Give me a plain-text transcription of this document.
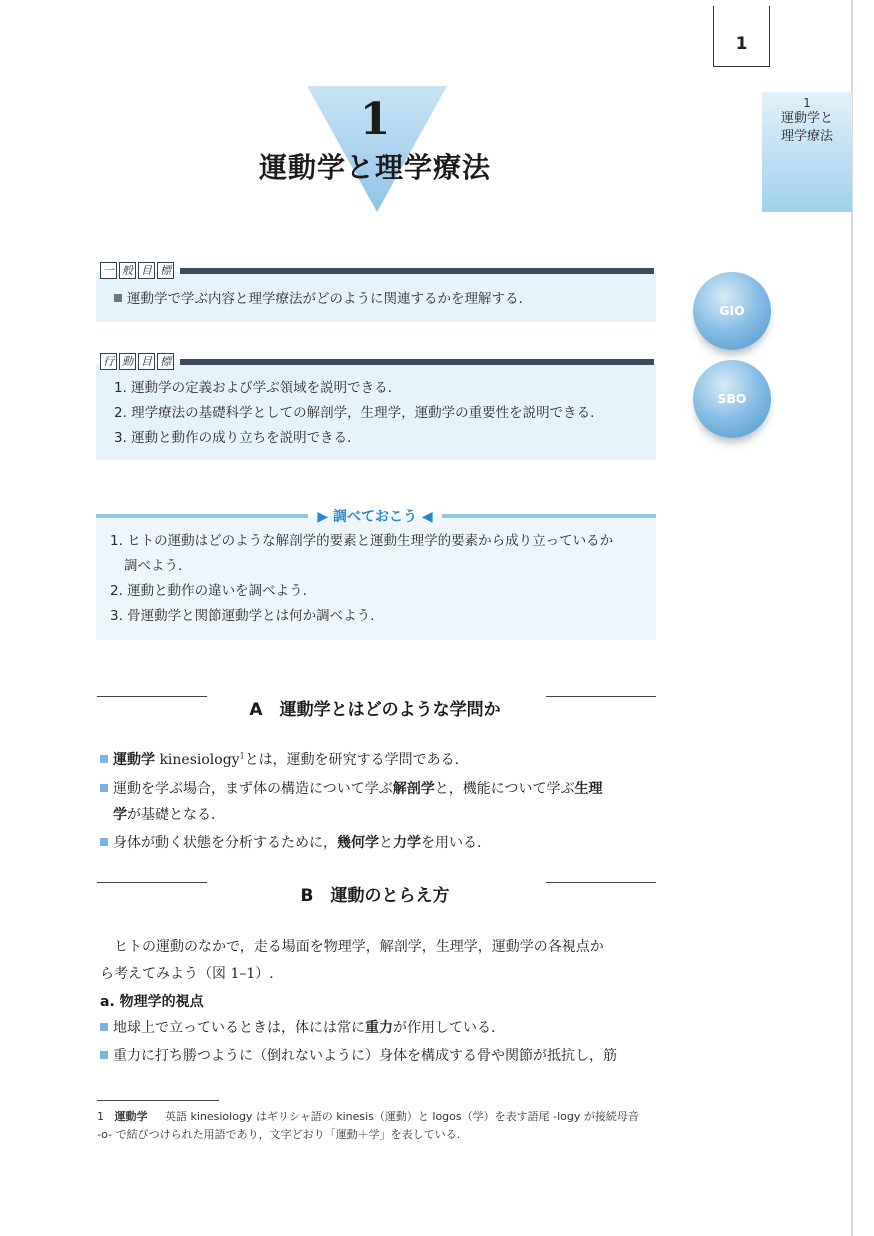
1
1
運動学と
理学療法
1
運動学と理学療法
一 般 目 標
運動学で学ぶ内容と理学療法がどのように関連するかを理解する.
行 動 目 標
1. 運動学の定義および学ぶ領域を説明できる.
2. 理学療法の基礎科学としての解剖学，生理学，運動学の重要性を説明できる.
3. 運動と動作の成り立ちを説明できる.
GIO
SBO
▶ 調べておこう ◀
1. ヒトの運動はどのような解剖学的要素と運動生理学的要素から成り立っているか
調べよう.
2. 運動と動作の違いを調べよう.
3. 骨運動学と関節運動学とは何か調べよう.
A　運動学とはどのような学問か
運動学 kinesiology$^1$とは，運動を研究する学問である.
運動を学ぶ場合，まず体の構造について学ぶ解剖学と，機能について学ぶ生理
学が基礎となる.
身体が動く状態を分析するために，幾何学と力学を用いる.
B　運動のとらえ方
ヒトの運動のなかで，走る場面を物理学，解剖学，生理学，運動学の各視点か
ら考えてみよう（図 1–1）.
a. 物理学的視点
地球上で立っているときは，体には常に重力が作用している.
重力に打ち勝つように（倒れないように）身体を構成する骨や関節が抵抗し，筋
1 運動学 英語 kinesiology はギリシャ語の kinesis（運動）と logos（学）を表す語尾 -logy が接続母音
-o- で結びつけられた用語であり，文字どおり「運動＋学」を表している.
